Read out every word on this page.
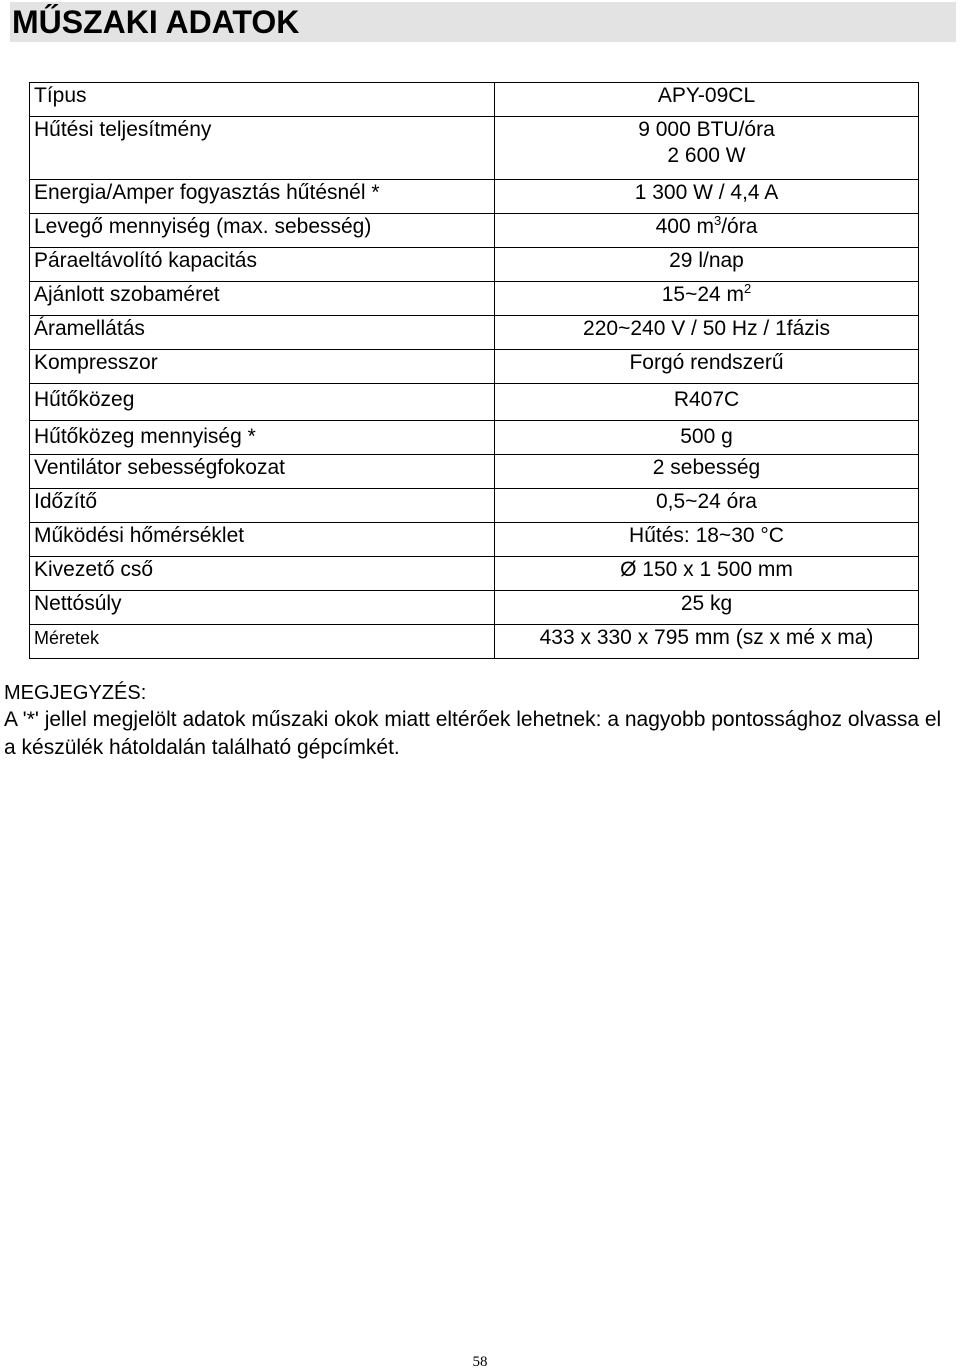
MŰSZAKI ADATOK
Típus	APY-09CL
Hűtési teljesítmény	9 000 BTU/óra
2 600 W

Energia/Amper fogyasztás hűtésnél *	1 300 W / 4,4 A
Levegő mennyiség (max. sebesség)	400 $m^3$/óra
Páraeltávolító kapacitás	29 l/nap
Ajánlott szobaméret	15~24 $m^2$
Áramellátás	220~240 V / 50 Hz / 1fázis
Kompresszor	Forgó rendszerű
Hűtőközeg	R407C
Hűtőközeg mennyiség *	500 g
Ventilátor sebességfokozat	2 sebesség
Időzítő	0,5~24 óra
Működési hőmérséklet	Hűtés: 18~30 °C
Kivezető cső	Ø 150 x 1 500 mm
Nettósúly	25 kg
Méretek	433 x 330 x 795 mm (sz x mé x ma)
MEGJEGYZÉS:
A '*' jellel megjelölt adatok műszaki okok miatt eltérőek lehetnek: a nagyobb pontossághoz olvassa el a készülék hátoldalán található gépcímkét.
58
